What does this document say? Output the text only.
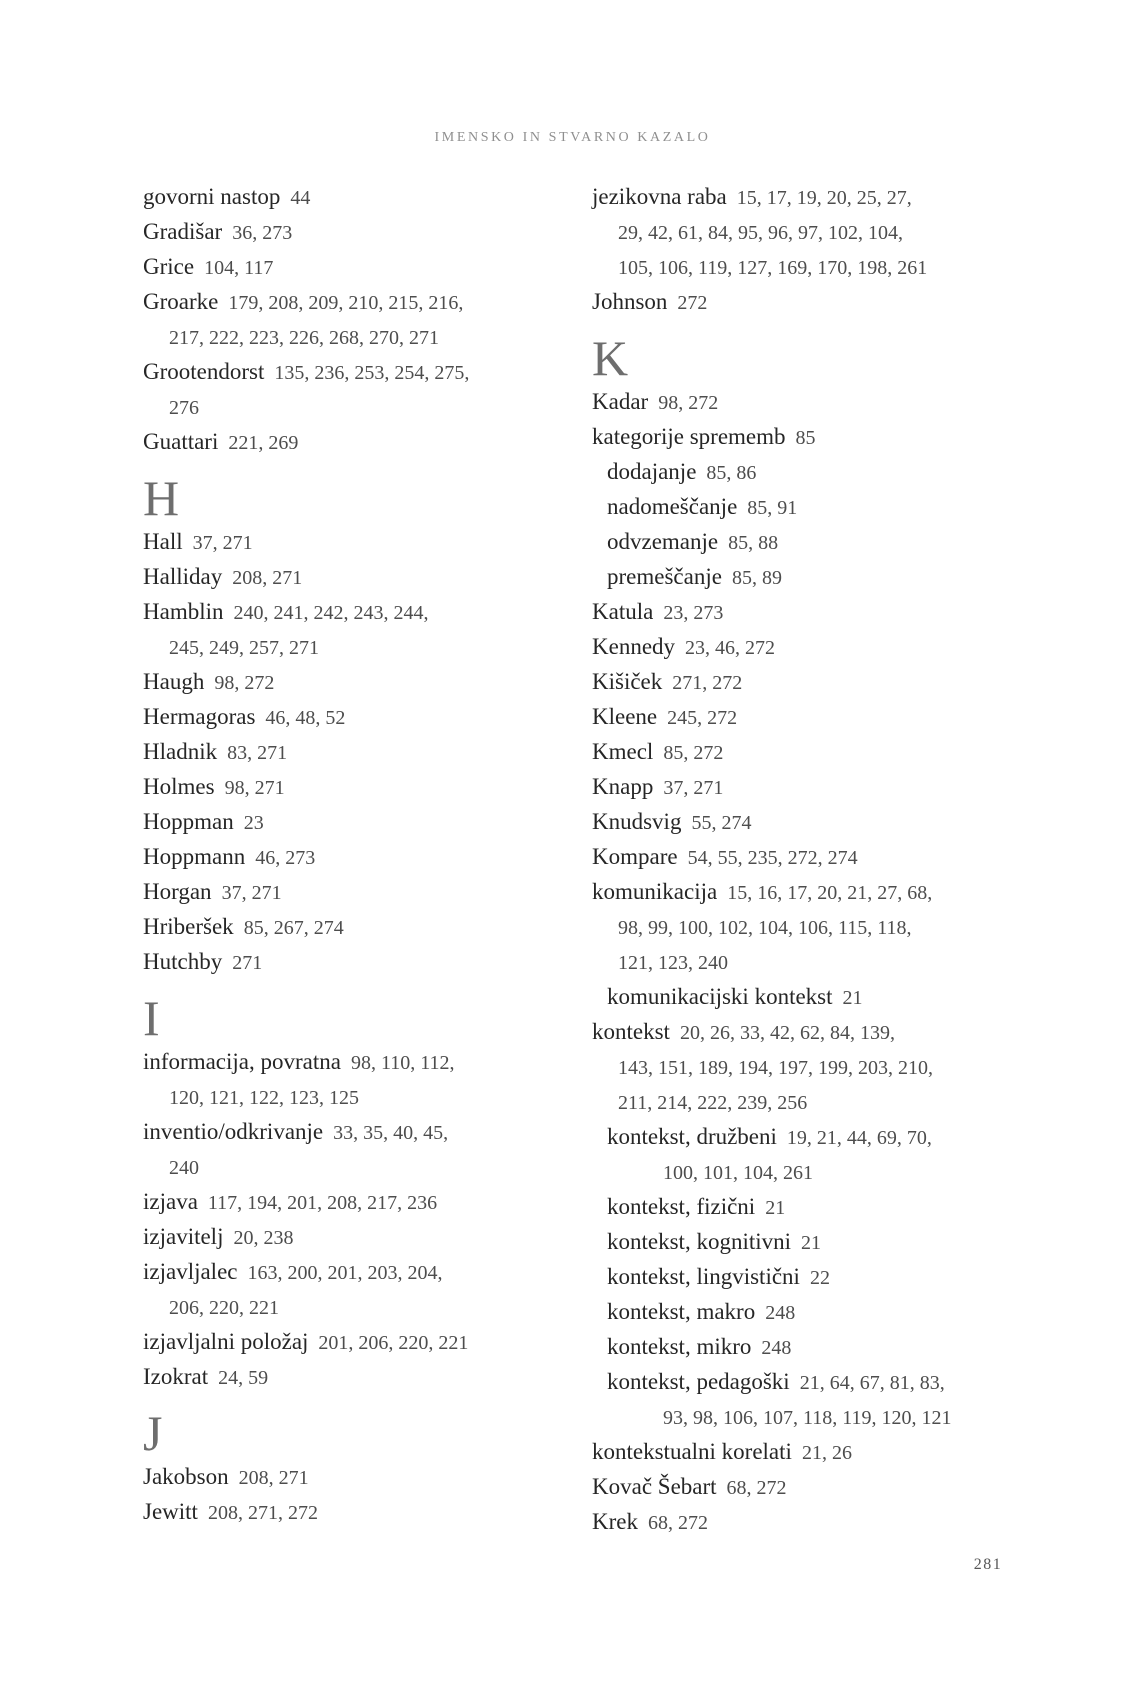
IMENSKO IN STVARNO KAZALO
govorni nastop 44
Gradišar 36, 273
Grice 104, 117
Groarke 179, 208, 209, 210, 215, 216,
217, 222, 223, 226, 268, 270, 271
Grootendorst 135, 236, 253, 254, 275,
276
Guattari 221, 269
H
Hall 37, 271
Halliday 208, 271
Hamblin 240, 241, 242, 243, 244,
245, 249, 257, 271
Haugh 98, 272
Hermagoras 46, 48, 52
Hladnik 83, 271
Holmes 98, 271
Hoppman 23
Hoppmann 46, 273
Horgan 37, 271
Hriberšek 85, 267, 274
Hutchby 271
I
informacija, povratna 98, 110, 112,
120, 121, 122, 123, 125
inventio/odkrivanje 33, 35, 40, 45,
240
izjava 117, 194, 201, 208, 217, 236
izjavitelj 20, 238
izjavljalec 163, 200, 201, 203, 204,
206, 220, 221
izjavljalni položaj 201, 206, 220, 221
Izokrat 24, 59
J
Jakobson 208, 271
Jewitt 208, 271, 272
jezikovna raba 15, 17, 19, 20, 25, 27,
29, 42, 61, 84, 95, 96, 97, 102, 104,
105, 106, 119, 127, 169, 170, 198, 261
Johnson 272
K
Kadar 98, 272
kategorije sprememb 85
dodajanje 85, 86
nadomeščanje 85, 91
odvzemanje 85, 88
premeščanje 85, 89
Katula 23, 273
Kennedy 23, 46, 272
Kišiček 271, 272
Kleene 245, 272
Kmecl 85, 272
Knapp 37, 271
Knudsvig 55, 274
Kompare 54, 55, 235, 272, 274
komunikacija 15, 16, 17, 20, 21, 27, 68,
98, 99, 100, 102, 104, 106, 115, 118,
121, 123, 240
komunikacijski kontekst 21
kontekst 20, 26, 33, 42, 62, 84, 139,
143, 151, 189, 194, 197, 199, 203, 210,
211, 214, 222, 239, 256
kontekst, družbeni 19, 21, 44, 69, 70,
100, 101, 104, 261
kontekst, fizični 21
kontekst, kognitivni 21
kontekst, lingvistični 22
kontekst, makro 248
kontekst, mikro 248
kontekst, pedagoški 21, 64, 67, 81, 83,
93, 98, 106, 107, 118, 119, 120, 121
kontekstualni korelati 21, 26
Kovač Šebart 68, 272
Krek 68, 272
281
